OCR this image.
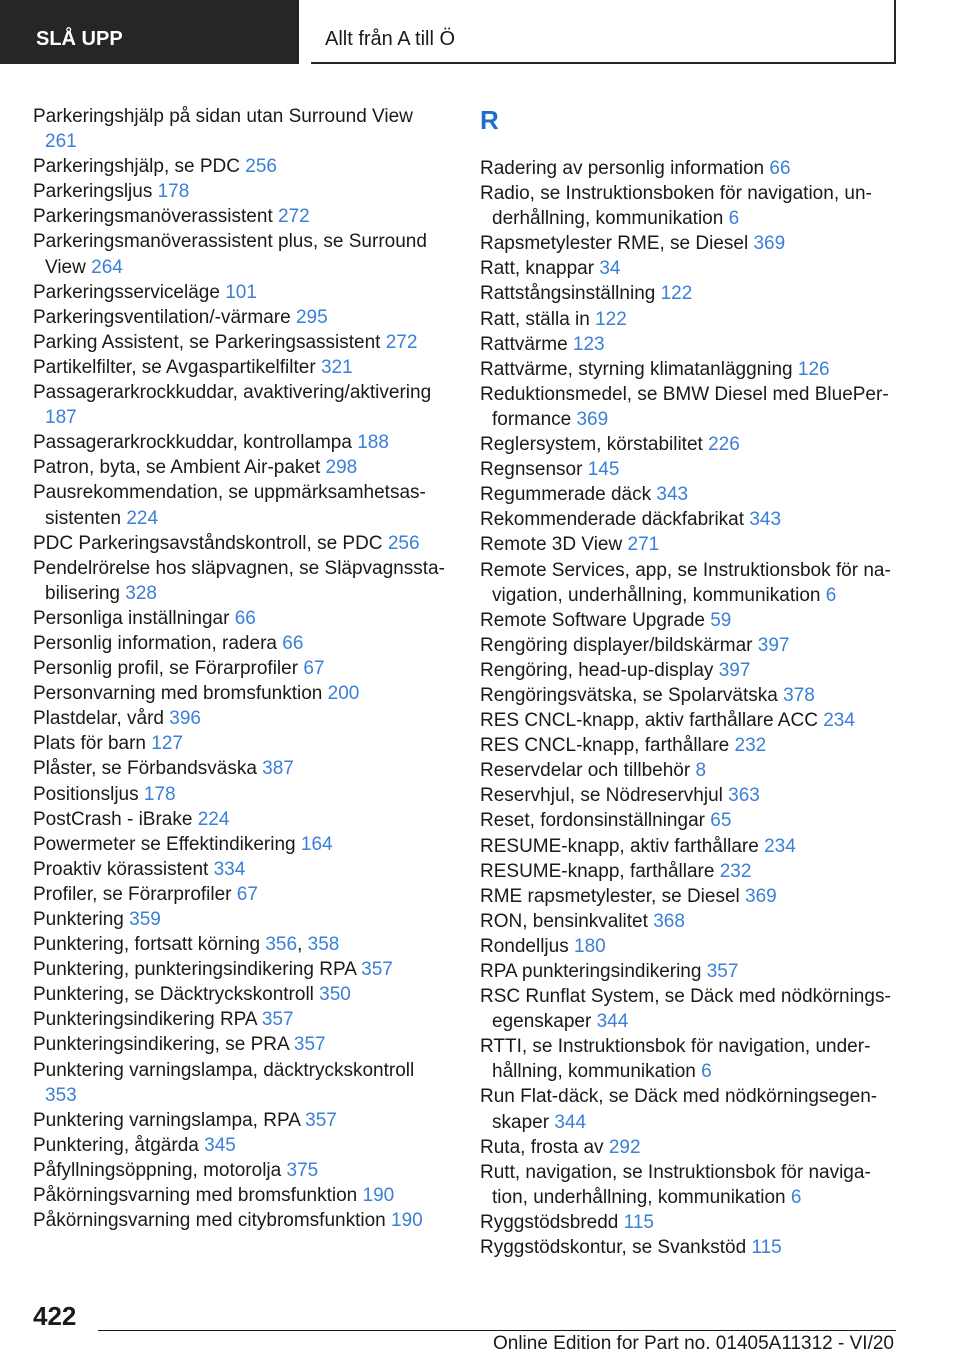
SLÅ UPP	Allt från A till Ö
Parkeringshjälp på sidan utan Surround View 261
Parkeringshjälp, se PDC 256
Parkeringsljus 178
Parkeringsmanöverassistent 272
Parkeringsmanöverassistent plus, se Surround View 264
Parkeringsserviceläge 101
Parkeringsventilation/-värmare 295
Parking Assistent, se Parkeringsassistent 272
Partikelfilter, se Avgaspartikelfilter 321
Passagerarkrockkuddar, avaktivering/aktivering 187
Passagerarkrockkuddar, kontrollampa 188
Patron, byta, se Ambient Air-paket 298
Pausrekommendation, se uppmärksamhetsassistenten 224
PDC Parkeringsavståndskontroll, se PDC 256
Pendelrörelse hos släpvagnen, se Släpvagnsstabilisering 328
Personliga inställningar 66
Personlig information, radera 66
Personlig profil, se Förarprofiler 67
Personvarning med bromsfunktion 200
Plastdelar, vård 396
Plats för barn 127
Plåster, se Förbandsväska 387
Positionsljus 178
PostCrash - iBrake 224
Powermeter se Effektindikering 164
Proaktiv körassistent 334
Profiler, se Förarprofiler 67
Punktering 359
Punktering, fortsatt körning 356, 358
Punktering, punkteringsindikering RPA 357
Punktering, se Däcktryckskontroll 350
Punkteringsindikering RPA 357
Punkteringsindikering, se PRA 357
Punktering varningslampa, däcktryckskontroll 353
Punktering varningslampa, RPA 357
Punktering, åtgärda 345
Påfyllningsöppning, motorolja 375
Påkörningsvarning med bromsfunktion 190
Påkörningsvarning med citybromsfunktion 190
R
Radering av personlig information 66
Radio, se Instruktionsboken för navigation, underhållning, kommunikation 6
Rapsmetylester RME, se Diesel 369
Ratt, knappar 34
Rattstångsinställning 122
Ratt, ställa in 122
Rattvärme 123
Rattvärme, styrning klimatanläggning 126
Reduktionsmedel, se BMW Diesel med BluePerformance 369
Reglersystem, körstabilitet 226
Regnsensor 145
Regummerade däck 343
Rekommenderade däckfabrikat 343
Remote 3D View 271
Remote Services, app, se Instruktionsbok för navigation, underhållning, kommunikation 6
Remote Software Upgrade 59
Rengöring displayer/bildskärmar 397
Rengöring, head-up-display 397
Rengöringsvätska, se Spolarvätska 378
RES CNCL-knapp, aktiv farthållare ACC 234
RES CNCL-knapp, farthållare 232
Reservdelar och tillbehör 8
Reservhjul, se Nödreservhjul 363
Reset, fordonsinställningar 65
RESUME-knapp, aktiv farthållare 234
RESUME-knapp, farthållare 232
RME rapsmetylester, se Diesel 369
RON, bensinkvalitet 368
Rondelljus 180
RPA punkteringsindikering 357
RSC Runflat System, se Däck med nödkörningsegenskaper 344
RTTI, se Instruktionsbok för navigation, underhållning, kommunikation 6
Run Flat-däck, se Däck med nödkörningsegenskaper 344
Ruta, frosta av 292
Rutt, navigation, se Instruktionsbok för navigation, underhållning, kommunikation 6
Ryggstödsbredd 115
Ryggstödskontur, se Svankstöd 115
422
Online Edition for Part no. 01405A11312 - VI/20
